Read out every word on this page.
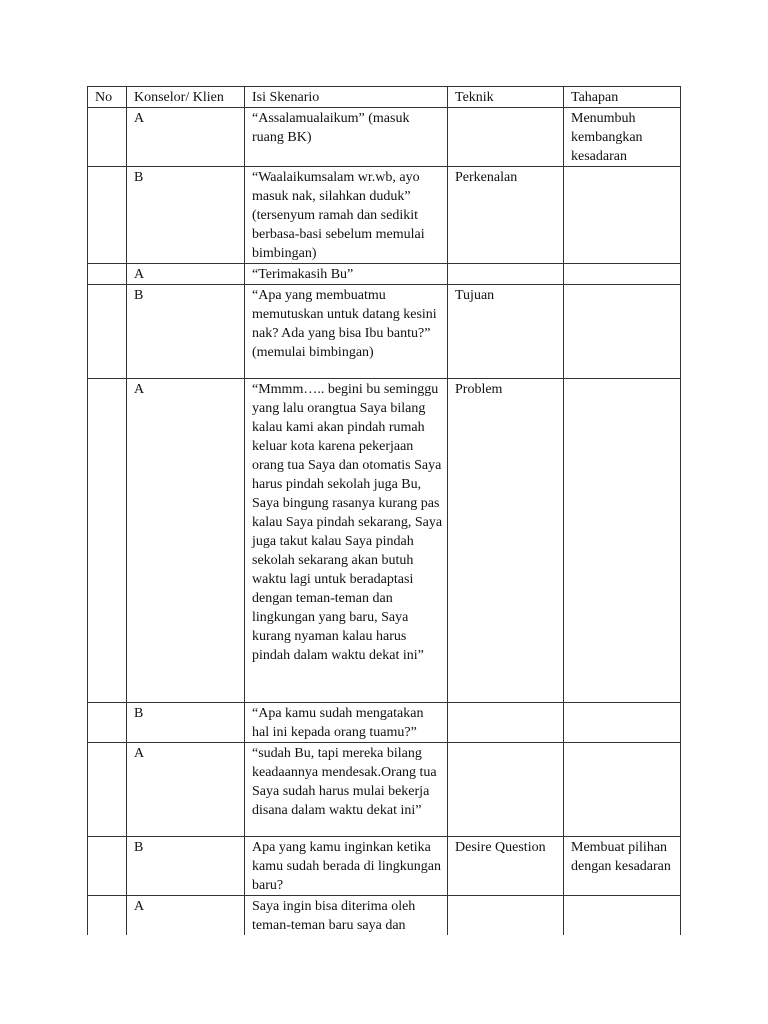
No	Konselor/ Klien	Isi Skenario	Teknik	Tahapan
	A	“Assalamualaikum” (masuk ruang BK)		Menumbuh kembangkan kesadaran
	B	“Waalaikumsalam wr.wb, ayo masuk nak, silahkan duduk” (tersenyum ramah dan sedikit berbasa-basi sebelum memulai bimbingan)	Perkenalan	
	A	“Terimakasih Bu”		
	B	“Apa yang membuatmu memutuskan untuk datang kesini nak? Ada yang bisa Ibu bantu?” (memulai bimbingan)	Tujuan	
	A	“Mmmm….. begini bu seminggu yang lalu orangtua Saya bilang kalau kami akan pindah rumah keluar kota karena pekerjaan orang tua Saya dan otomatis Saya harus pindah sekolah juga Bu, Saya bingung rasanya kurang pas kalau Saya pindah sekarang, Saya juga takut kalau Saya pindah sekolah sekarang akan butuh waktu lagi untuk beradaptasi dengan teman-teman dan lingkungan yang baru, Saya kurang nyaman kalau harus pindah dalam waktu dekat ini”	Problem	
	B	“Apa kamu sudah mengatakan hal ini kepada orang tuamu?”		
	A	“sudah Bu, tapi mereka bilang keadaannya mendesak.Orang tua Saya sudah harus mulai bekerja disana dalam waktu dekat ini”		
	B	Apa yang kamu inginkan ketika kamu sudah berada di lingkungan baru?	Desire Question	Membuat pilihan dengan kesadaran
	A	Saya ingin bisa diterima oleh teman-teman baru saya dan		
